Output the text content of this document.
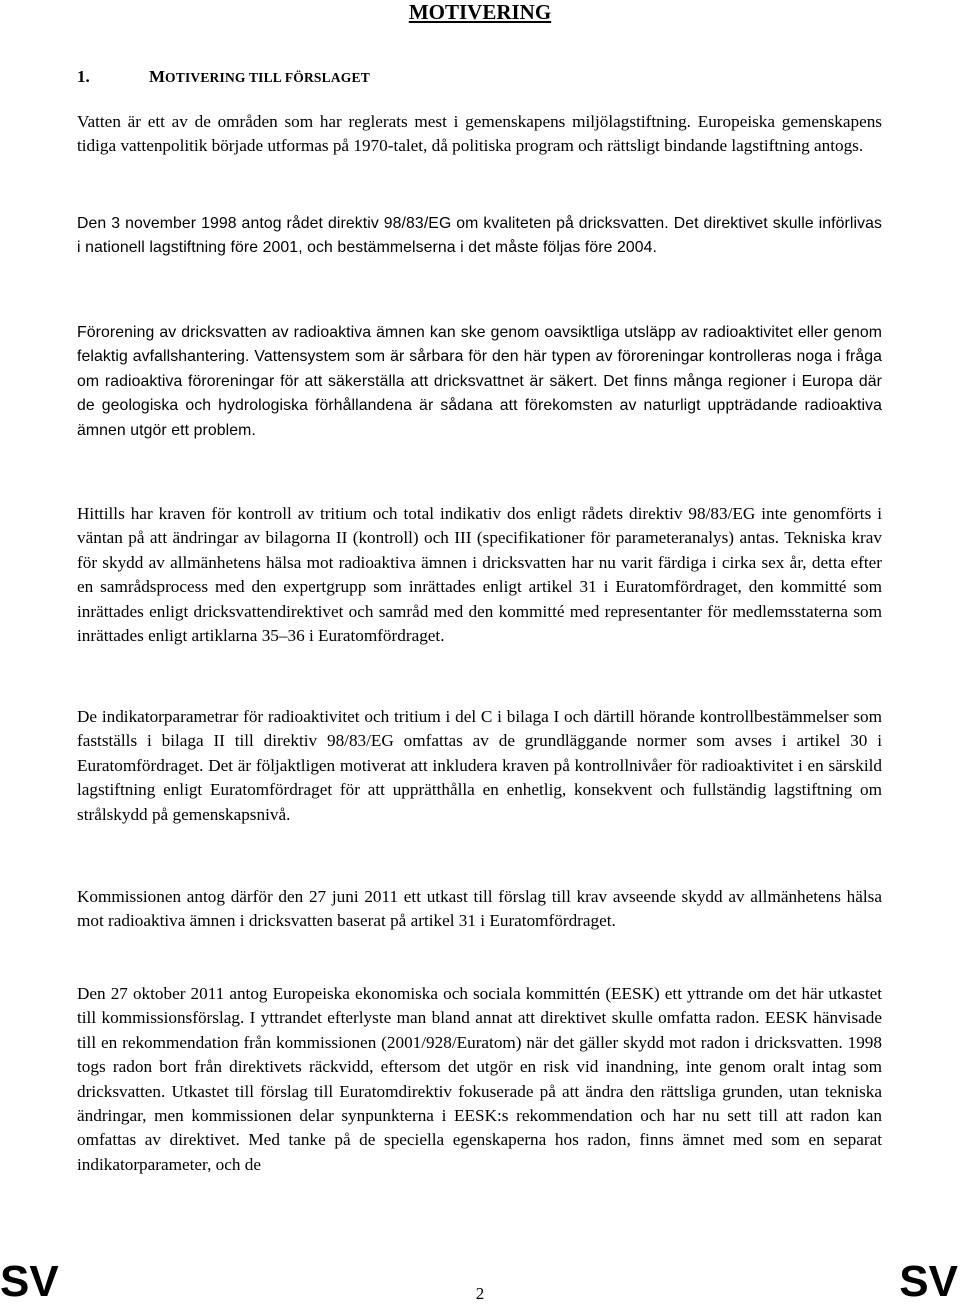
MOTIVERING
1.	MOTIVERING TILL FÖRSLAGET

Vatten är ett av de områden som har reglerats mest i gemenskapens miljölagstiftning. Europeiska gemenskapens tidiga vattenpolitik började utformas på 1970-talet, då politiska program och rättsligt bindande lagstiftning antogs.

Den 3 november 1998 antog rådet direktiv 98/83/EG om kvaliteten på dricksvatten. Det direktivet skulle införlivas i nationell lagstiftning före 2001, och bestämmelserna i det måste följas före 2004.

Förorening av dricksvatten av radioaktiva ämnen kan ske genom oavsiktliga utsläpp av radioaktivitet eller genom felaktig avfallshantering. Vattensystem som är sårbara för den här typen av föroreningar kontrolleras noga i fråga om radioaktiva föroreningar för att säkerställa att dricksvattnet är säkert. Det finns många regioner i Europa där de geologiska och hydrologiska förhållandena är sådana att förekomsten av naturligt uppträdande radioaktiva ämnen utgör ett problem.

Hittills har kraven för kontroll av tritium och total indikativ dos enligt rådets direktiv 98/83/EG inte genomförts i väntan på att ändringar av bilagorna II (kontroll) och III (specifikationer för parameteranalys) antas. Tekniska krav för skydd av allmänhetens hälsa mot radioaktiva ämnen i dricksvatten har nu varit färdiga i cirka sex år, detta efter en samrådsprocess med den expertgrupp som inrättades enligt artikel 31 i Euratomfördraget, den kommitté som inrättades enligt dricksvattendirektivet och samråd med den kommitté med representanter för medlemsstaterna som inrättades enligt artiklarna 35–36 i Euratomfördraget.

De indikatorparametrar för radioaktivitet och tritium i del C i bilaga I och därtill hörande kontrollbestämmelser som fastställs i bilaga II till direktiv 98/83/EG omfattas av de grundläggande normer som avses i artikel 30 i Euratomfördraget. Det är följaktligen motiverat att inkludera kraven på kontrollnivåer för radioaktivitet i en särskild lagstiftning enligt Euratomfördraget för att upprätthålla en enhetlig, konsekvent och fullständig lagstiftning om strålskydd på gemenskapsnivå.

Kommissionen antog därför den 27 juni 2011 ett utkast till förslag till krav avseende skydd av allmänhetens hälsa mot radioaktiva ämnen i dricksvatten baserat på artikel 31 i Euratomfördraget.

Den 27 oktober 2011 antog Europeiska ekonomiska och sociala kommittén (EESK) ett yttrande om det här utkastet till kommissionsförslag. I yttrandet efterlyste man bland annat att direktivet skulle omfatta radon. EESK hänvisade till en rekommendation från kommissionen (2001/928/Euratom) när det gäller skydd mot radon i dricksvatten. 1998 togs radon bort från direktivets räckvidd, eftersom det utgör en risk vid inandning, inte genom oralt intag som dricksvatten. Utkastet till förslag till Euratomdirektiv fokuserade på att ändra den rättsliga grunden, utan tekniska ändringar, men kommissionen delar synpunkterna i EESK:s rekommendation och har nu sett till att radon kan omfattas av direktivet. Med tanke på de speciella egenskaperna hos radon, finns ämnet med som en separat indikatorparameter, och de

SV	2	SV
